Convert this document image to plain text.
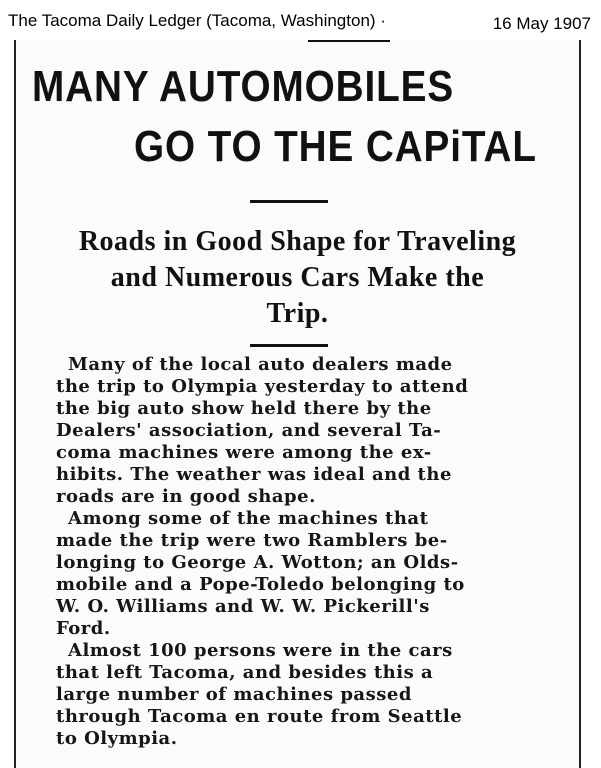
The Tacoma Daily Ledger (Tacoma, Washington) ·	16 May 1907
MANY AUTOMOBILES
GO TO THE CAPiTAL
Roads in Good Shape for Traveling
and Numerous Cars Make the
Trip.
Many of the local auto dealers made
the trip to Olympia yesterday to attend
the big auto show held there by the
Dealers' association, and several Ta-
coma machines were among the ex-
hibits. The weather was ideal and the
roads are in good shape.
Among some of the machines that
made the trip were two Ramblers be-
longing to George A. Wotton; an Olds-
mobile and a Pope-Toledo belonging to
W. O. Williams and W. W. Pickerill's
Ford.
Almost 100 persons were in the cars
that left Tacoma, and besides this a
large number of machines passed
through Tacoma en route from Seattle
to Olympia.
